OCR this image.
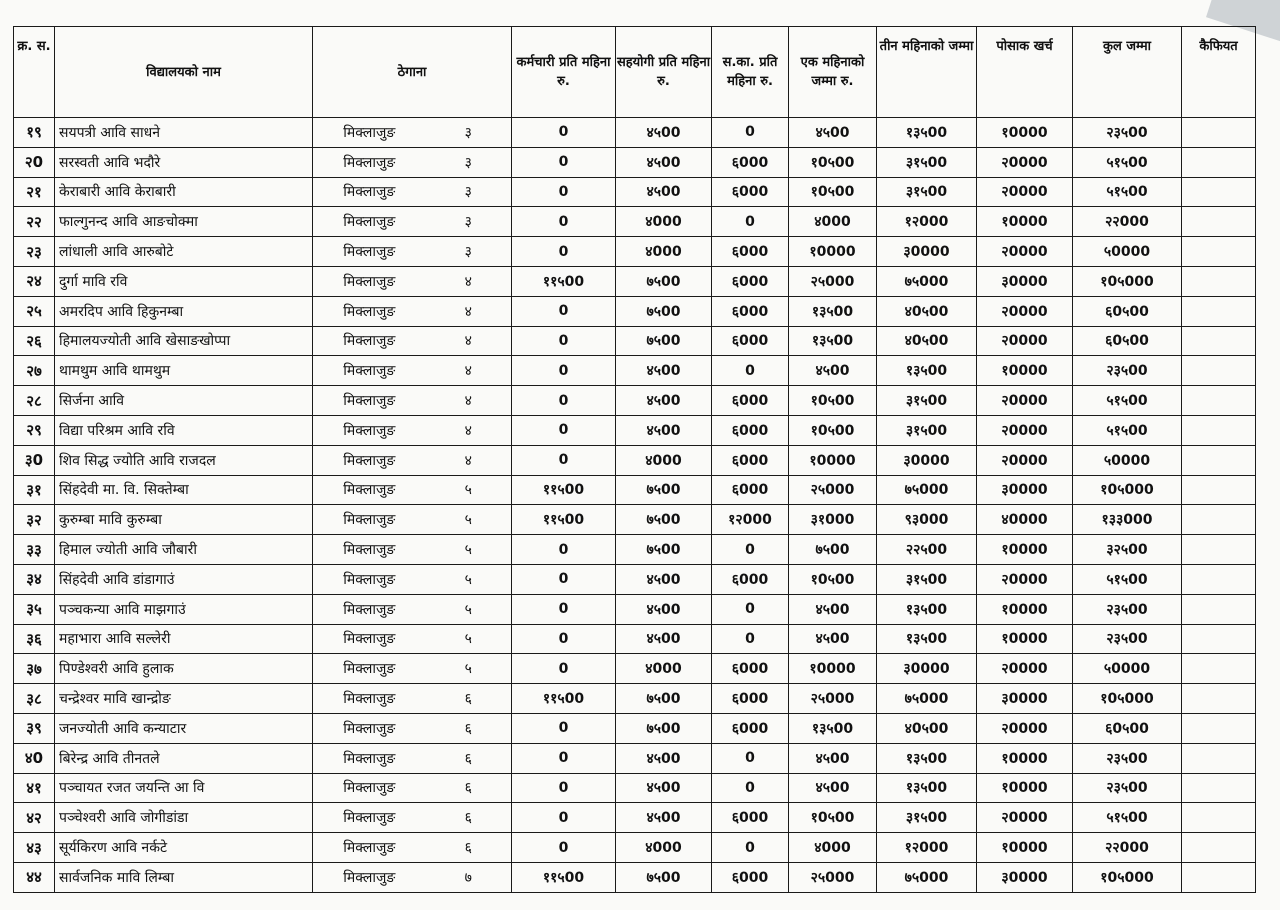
क्र. स.	विद्यालयको नाम	ठेगाना		कर्मचारी प्रति महिना रु.	सहयोगी प्रति महिना रु.	स.का. प्रति महिना रु.	एक महिनाको जम्मा रु.	तीन महिनाको जम्मा	पोसाक खर्च	कुल जम्मा	कैफियत
१९	सयपत्री आवि साधने	मिक्लाजुङ	३	0	४५00	0	४५00	१३५00	१0000	२३५00	
२0	सरस्वती आवि भदौरे	मिक्लाजुङ	३	0	४५00	६000	१0५00	३१५00	२0000	५१५00	
२१	केराबारी आवि केराबारी	मिक्लाजुङ	३	0	४५00	६000	१0५00	३१५00	२0000	५१५00	
२२	फाल्गुनन्द आवि आङचोक्मा	मिक्लाजुङ	३	0	४000	0	४000	१२000	१0000	२२000	
२३	लांधाली आवि आरुबोटे	मिक्लाजुङ	३	0	४000	६000	१0000	३0000	२0000	५0000	
२४	दुर्गा मावि रवि	मिक्लाजुङ	४	११५00	७५00	६000	२५000	७५000	३0000	१0५000	
२५	अमरदिप आवि हिकुनम्बा	मिक्लाजुङ	४	0	७५00	६000	१३५00	४0५00	२0000	६0५00	
२६	हिमालयज्योती आवि खेसाङखोप्पा	मिक्लाजुङ	४	0	७५00	६000	१३५00	४0५00	२0000	६0५00	
२७	थामथुम आवि थामथुम	मिक्लाजुङ	४	0	४५00	0	४५00	१३५00	१0000	२३५00	
२८	सिर्जना आवि	मिक्लाजुङ	४	0	४५00	६000	१0५00	३१५00	२0000	५१५00	
२९	विद्या परिश्रम आवि रवि	मिक्लाजुङ	४	0	४५00	६000	१0५00	३१५00	२0000	५१५00	
३0	शिव सिद्ध ज्योति आवि राजदल	मिक्लाजुङ	४	0	४000	६000	१0000	३0000	२0000	५0000	
३१	सिंहदेवी मा. वि. सिक्तेम्बा	मिक्लाजुङ	५	११५00	७५00	६000	२५000	७५000	३0000	१0५000	
३२	कुरुम्बा मावि कुरुम्बा	मिक्लाजुङ	५	११५00	७५00	१२000	३१000	९३000	४0000	१३३000	
३३	हिमाल ज्योती आवि जौबारी	मिक्लाजुङ	५	0	७५00	0	७५00	२२५00	१0000	३२५00	
३४	सिंहदेवी आवि डांडागाउं	मिक्लाजुङ	५	0	४५00	६000	१0५00	३१५00	२0000	५१५00	
३५	पञ्चकन्या आवि माझगाउं	मिक्लाजुङ	५	0	४५00	0	४५00	१३५00	१0000	२३५00	
३६	महाभारा आवि सल्लेरी	मिक्लाजुङ	५	0	४५00	0	४५00	१३५00	१0000	२३५00	
३७	पिण्डेश्वरी आवि हुलाक	मिक्लाजुङ	५	0	४000	६000	१0000	३0000	२0000	५0000	
३८	चन्द्रेश्वर मावि खान्द्रोङ	मिक्लाजुङ	६	११५00	७५00	६000	२५000	७५000	३0000	१0५000	
३९	जनज्योती आवि कन्याटार	मिक्लाजुङ	६	0	७५00	६000	१३५00	४0५00	२0000	६0५00	
४0	बिरेन्द्र आवि तीनतले	मिक्लाजुङ	६	0	४५00	0	४५00	१३५00	१0000	२३५00	
४१	पञ्चायत रजत जयन्ति आ वि	मिक्लाजुङ	६	0	४५00	0	४५00	१३५00	१0000	२३५00	
४२	पञ्चेश्वरी आवि जोगीडांडा	मिक्लाजुङ	६	0	४५00	६000	१0५00	३१५00	२0000	५१५00	
४३	सूर्यकिरण आवि नर्कटे	मिक्लाजुङ	६	0	४000	0	४000	१२000	१0000	२२000	
४४	सार्वजनिक मावि लिम्बा	मिक्लाजुङ	७	११५00	७५00	६000	२५000	७५000	३0000	१0५000	
